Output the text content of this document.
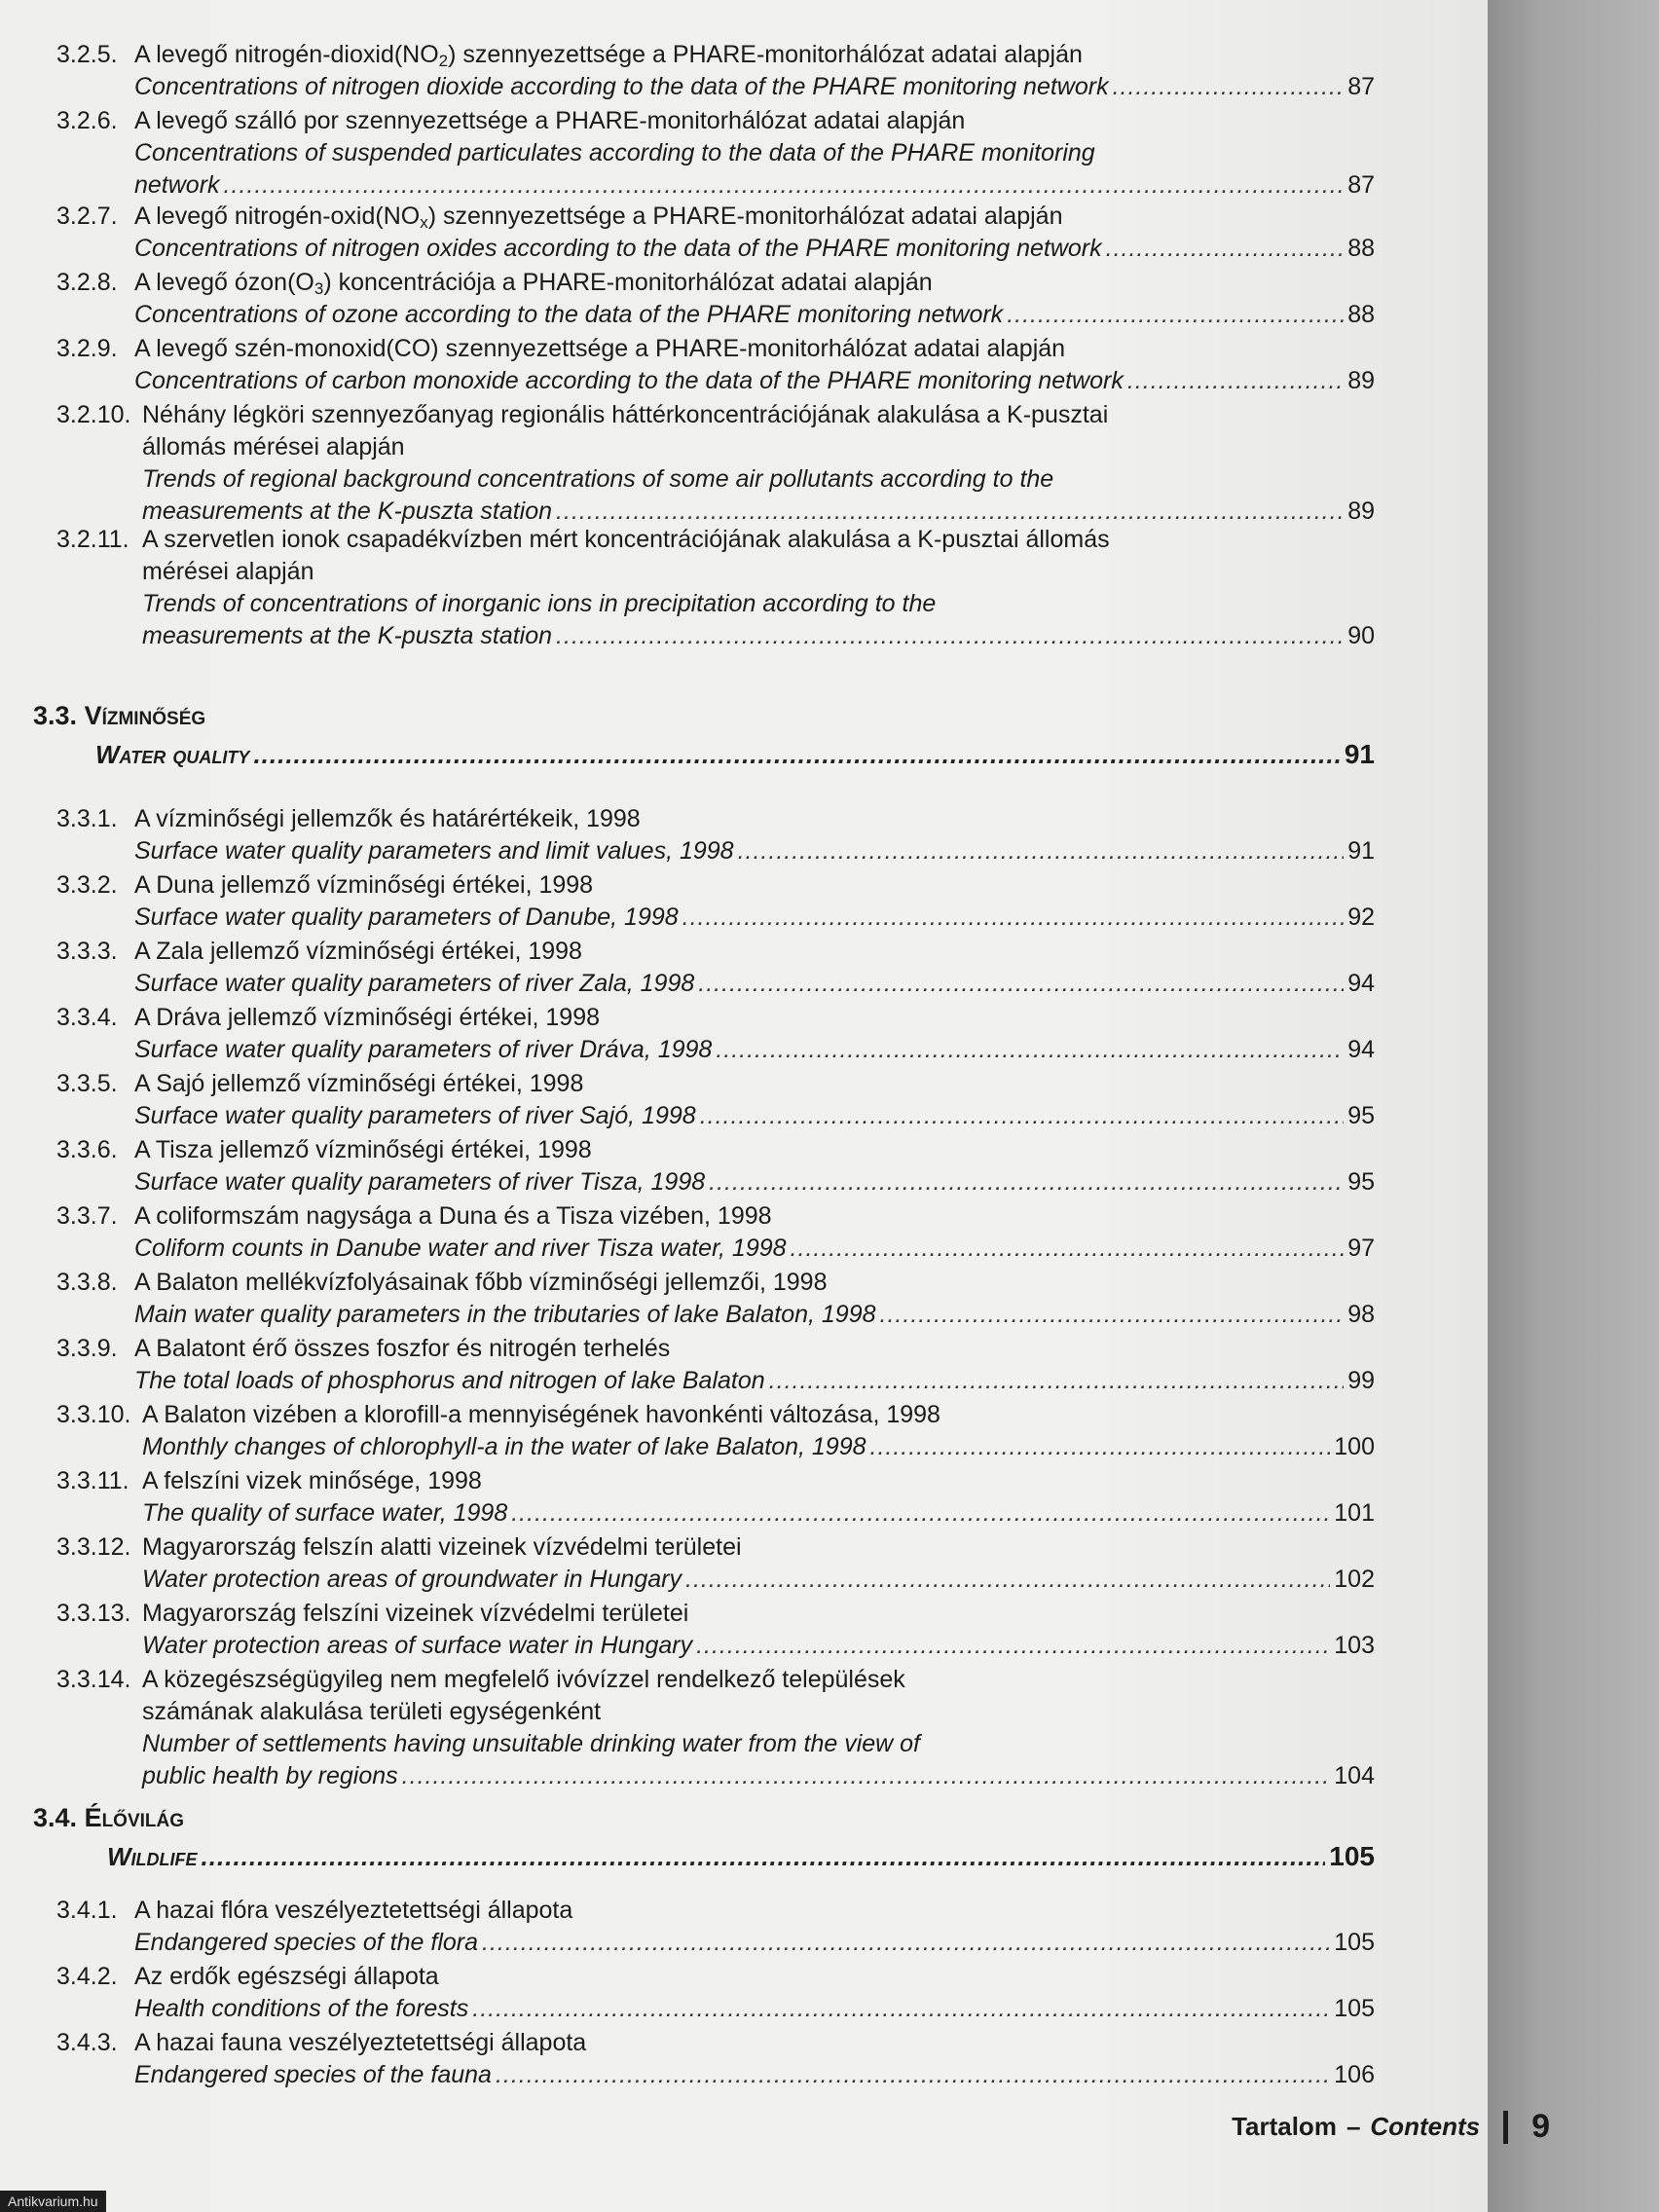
3.2.5. A levegő nitrogén-$dioxid(NO_2)$ szennyezettsége a PHARE-monitorhálózat adatai alapján
Concentrations of nitrogen dioxide according to the data of the PHARE monitoring network .....	87
3.2.6. A levegő szálló por szennyezettsége a PHARE-monitorhálózat adatai alapján
Concentrations of suspended particulates according to the data of the PHARE monitoring
network .....	87
3.2.7. A levegő nitrogén-$oxid(NO_x)$ szennyezettsége a PHARE-monitorhálózat adatai alapján
Concentrations of nitrogen oxides according to the data of the PHARE monitoring network .....	88
3.2.8. A levegő $ózon(O_3)$ koncentrációja a PHARE-monitorhálózat adatai alapján
Concentrations of ozone according to the data of the PHARE monitoring network .....	88
3.2.9. A levegő szén-monoxid(CO) szennyezettsége a PHARE-monitorhálózat adatai alapján
Concentrations of carbon monoxide according to the data of the PHARE monitoring network .....	89
3.2.10. Néhány légköri szennyezőanyag regionális háttérkoncentrációjának alakulása a K-pusztai
állomás mérései alapján
Trends of regional background concentrations of some air pollutants according to the
measurements at the K-puszta station .....	89
3.2.11. A szervetlen ionok csapadékvízben mért koncentrációjának alakulása a K-pusztai állomás
mérései alapján
Trends of concentrations of inorganic ions in precipitation according to the
measurements at the K-puszta station .....	90
3.3.1. A vízminőségi jellemzők és határértékeik, 1998
Surface water quality parameters and limit values, 1998 .....	91
3.3.2. A Duna jellemző vízminőségi értékei, 1998
Surface water quality parameters of Danube, 1998 .....	92
3.3.3. A Zala jellemző vízminőségi értékei, 1998
Surface water quality parameters of river Zala, 1998 .....	94
3.3.4. A Dráva jellemző vízminőségi értékei, 1998
Surface water quality parameters of river Dráva, 1998 .....	94
3.3.5. A Sajó jellemző vízminőségi értékei, 1998
Surface water quality parameters of river Sajó, 1998 .....	95
3.3.6. A Tisza jellemző vízminőségi értékei, 1998
Surface water quality parameters of river Tisza, 1998 .....	95
3.3.7. A coliformszám nagysága a Duna és a Tisza vizében, 1998
Coliform counts in Danube water and river Tisza water, 1998 .....	97
3.3.8. A Balaton mellékvízfolyásainak főbb vízminőségi jellemzői, 1998
Main water quality parameters in the tributaries of lake Balaton, 1998 .....	98
3.3.9. A Balatont érő összes foszfor és nitrogén terhelés
The total loads of phosphorus and nitrogen of lake Balaton .....	99
3.3.10. A Balaton vizében a klorofill-a mennyiségének havonkénti változása, 1998
Monthly changes of chlorophyll-a in the water of lake Balaton, 1998 .....	100
3.3.11. A felszíni vizek minősége, 1998
The quality of surface water, 1998 .....	101
3.3.12. Magyarország felszín alatti vizeinek vízvédelmi területei
Water protection areas of groundwater in Hungary .....	102
3.3.13. Magyarország felszíni vizeinek vízvédelmi területei
Water protection areas of surface water in Hungary .....	103
3.3.14. A közegészségügyileg nem megfelelő ivóvízzel rendelkező települések
számának alakulása területi egységenként
Number of settlements having unsuitable drinking water from the view of
public health by regions .....	104
3.4.1. A hazai flóra veszélyeztetettségi állapota
Endangered species of the flora .....	105
3.4.2. Az erdők egészségi állapota
Health conditions of the forests .....	105
3.4.3. A hazai fauna veszélyeztetettségi állapota
Endangered species of the fauna .....	106
3.3. Vízminőség
Water quality .....	91
3.4. Élővilág
Wildlife .....	105
Tartalom – Contents 9
Antikvarium.hu
